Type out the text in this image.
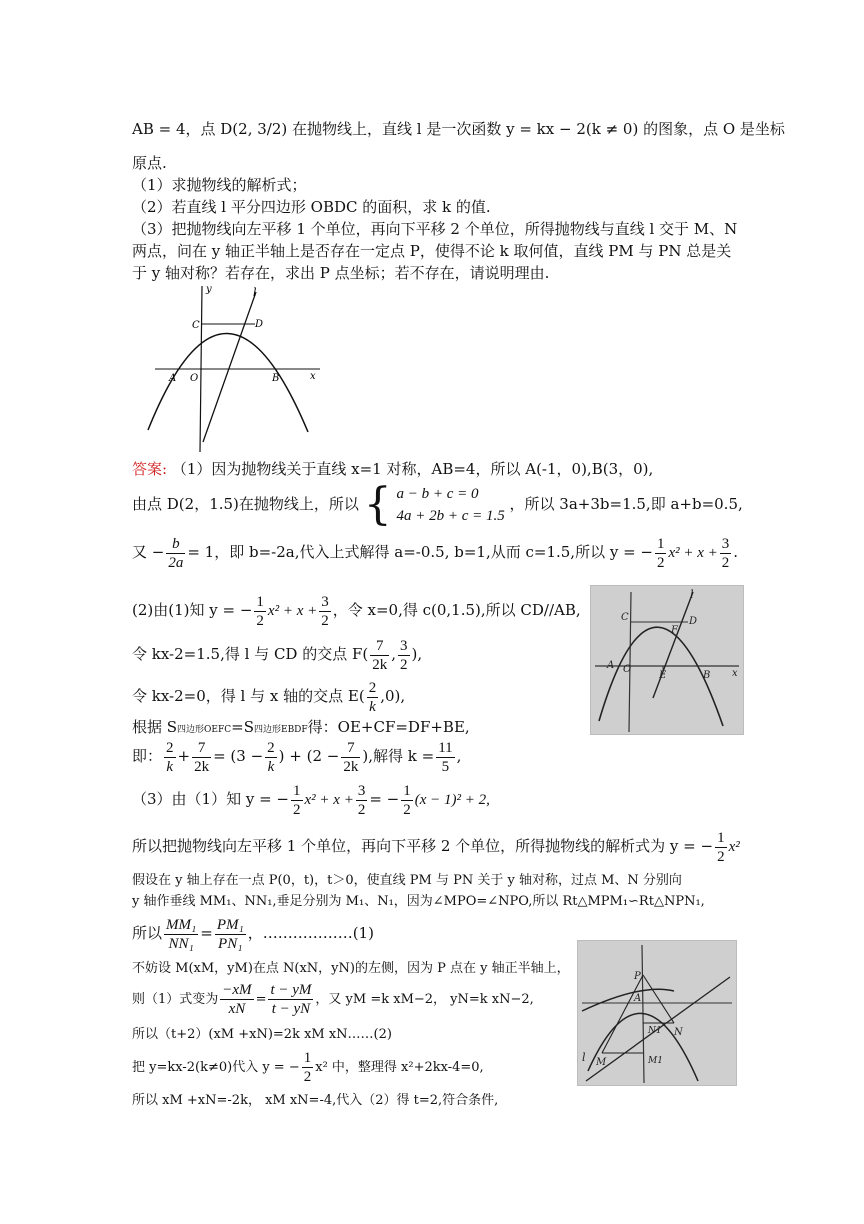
AB = 4，点 D(2, 3/2) 在抛物线上，直线 l 是一次函数 y = kx − 2(k ≠ 0) 的图象，点 O 是坐标
原点.
（1）求抛物线的解析式；
（2）若直线 l 平分四边形 OBDC 的面积，求 k 的值.
（3）把抛物线向左平移 1 个单位，再向下平移 2 个单位，所得抛物线与直线 l 交于 M、N
两点，问在 y 轴正半轴上是否存在一定点 P，使得不论 k 取何值，直线 PM 与 PN 总是关
于 y 轴对称？若存在，求出 P 点坐标；若不存在，请说明理由.
y	l
C	D
A O	B	x
答案: （1）因为抛物线关于直线 x=1 对称，AB=4，所以 A(-1，0),B(3，0),
由点 D(2，1.5)在抛物线上，所以 { a − b + c = 0
4a + 2b + c = 1.5
，所以 3a+3b=1.5,即 a+b=0.5,
又 − $\frac{b}{2a} = 1$，即 b=-2a,代入上式解得 a=-0.5, b=1,从而 c=1.5,所以 y = − $\frac{1}{2} x^2 + x + \frac{3}{2}$ .
(2)由(1)知 y = − $\frac{1}{2} x^2 + x + \frac{3}{2}$ ，令 x=0,得 c(0,1.5),所以 CD//AB,
令 kx-2=1.5,得 l 与 CD 的交点 $F( \frac{7}{2k}$ , $\frac{3}{2}$ ),
令 kx-2=0，得 l 与 x 轴的交点 $E( \frac{2}{k} ,0)$,
根据 S四边形OEFC=S四边形EBDF得：OE+CF=DF+BE,
即： $\frac{2}{k} + \frac{7}{2k} = (3 - \frac{2}{k}$ ) + ($2 - \frac{7}{2k}$ ),解得 $k = \frac{11}{5}$ ,
C
F
D
l
A O
E	B x
（3）由（1）知 y = − $\frac{1}{2} x^2 + x + \frac{3}{2}$ = − $\frac{1}{2} (x - 1)^2 + 2$,
所以把抛物线向左平移 1 个单位，再向下平移 2 个单位，所得抛物线的解析式为 y = − $\frac{1}{2} x^2$
假设在 y 轴上存在一点 P(0，t)，t＞0，使直线 PM 与 PN 关于 y 轴对称，过点 M、N 分别向
y 轴作垂线 MM₁、NN₁,垂足分别为 M₁、N₁，因为∠MPO=∠NPO,所以 Rt△MPM₁∽Rt△NPN₁,
所以 $\frac{\text{MM₁}}{\text{NN₁}} = \frac{\text{PM₁}}{\text{PN₁}}$ ，………………(1)
不妨设 M(xM，yM)在点 N(xN，yN)的左侧，因为 P 点在 y 轴正半轴上，
则（1）式变为 $\frac{-xM}{xN} = \frac{t - yM}{t - yN}$ ，又 yM =k xM−2， yN=k xN−2,
所以（t+2）(xM +xN)=2k xM xN……(2)
把 y=kx-2(k≠0)代入 y = − $\frac{1}{2} x^2$ 中，整理得 x²+2kx-4=0,
所以 xM +xN=-2k， xM xN=-4,代入（2）得 t=2,符合条件,
P
A
N1 N
l M	M1
